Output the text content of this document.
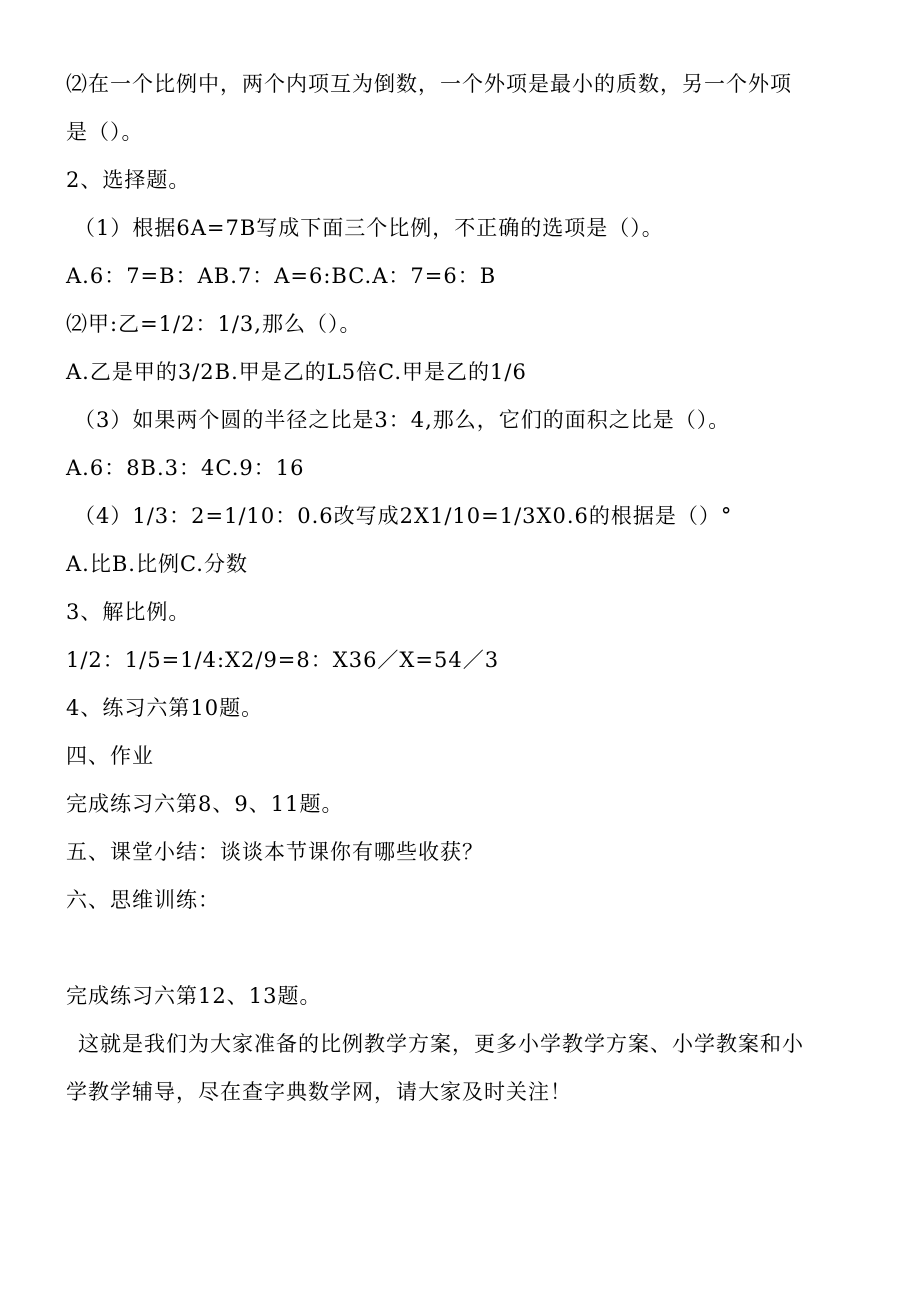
⑵在一个比例中，两个内项互为倒数，一个外项是最小的质数，另一个外项
是（）。
2、选择题。
（1）根据6A=7B写成下面三个比例，不正确的选项是（）。
A.6：7=B：AB.7：A=6:BC.A：7=6：B
⑵甲:乙=1/2：1/3,那么（）。
A.乙是甲的3/2B.甲是乙的L5倍C.甲是乙的1/6
（3）如果两个圆的半径之比是3：4,那么，它们的面积之比是（）。
A.6：8B.3：4C.9：16
（4）1/3：2=1/10：0.6改写成2X1/10=1/3X0.6的根据是（）°
A.比B.比例C.分数
3、解比例。
1/2：1/5=1/4:X2/9=8：X36／X=54／3
4、练习六第10题。
四、作业
完成练习六第8、9、11题。
五、课堂小结：谈谈本节课你有哪些收获？
六、思维训练：
完成练习六第12、13题。
这就是我们为大家准备的比例教学方案，更多小学教学方案、小学教案和小
学教学辅导，尽在查字典数学网，请大家及时关注！
